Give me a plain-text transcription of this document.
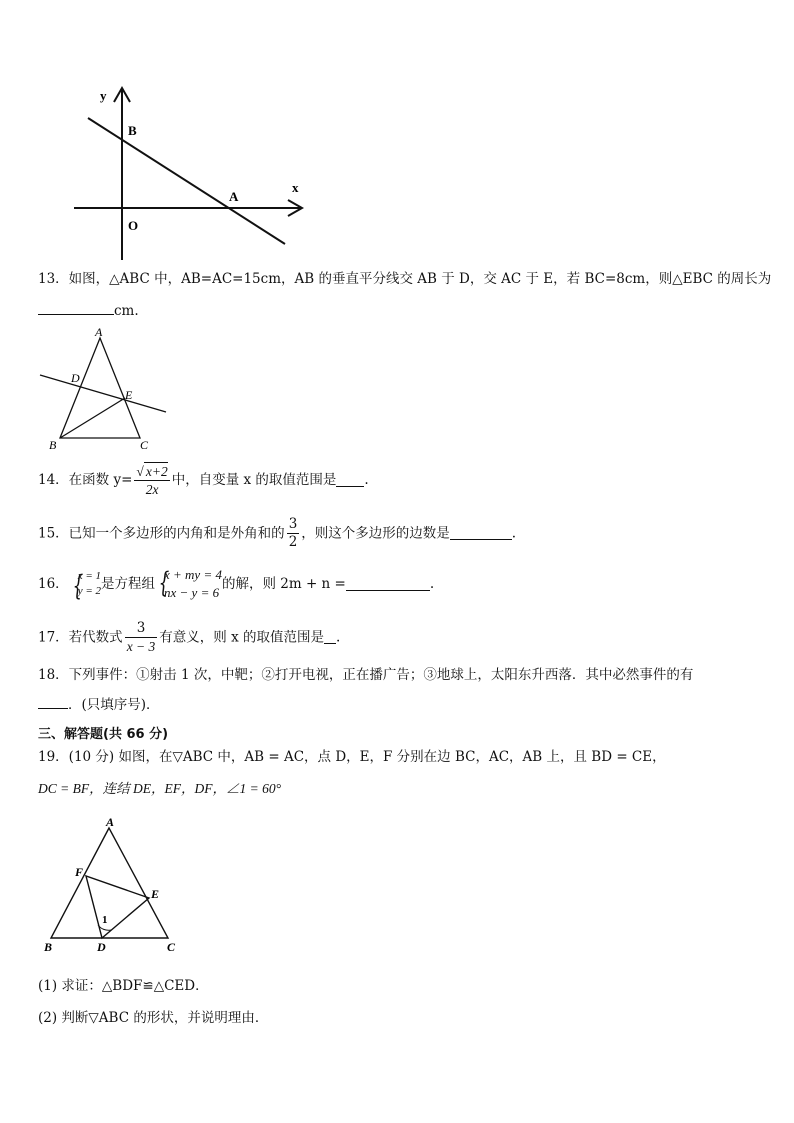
y
x
B
A
O
13．如图，△ABC 中，AB=AC=15cm，AB 的垂直平分线交 AB 于 D，交 AC 于 E，若 BC=8cm，则△EBC 的周长为
cm.
A
D
E
B	C
14．在函数 $y= \frac{√ x+2}{2x}$ 中，自变量 x 的取值范围是 .
15．已知一个多边形的内角和是外角和的 $\frac{3}{2}$ ，则这个多边形的边数是	.
16． {
x = 1
y = 2 是方程组 {
x + my = 4
nx − y = 6
的解，则 2m + n =	.
17．若代数式 $\frac{3}{x - 3}$ 有意义，则 x 的取值范围是 .
18．下列事件：①射击 1 次，中靶；②打开电视，正在播广告；③地球上，太阳东升西落．其中必然事件的有
．(只填序号)．
三、解答题(共 66 分)
19．(10 分) 如图，在▽ABC 中，AB = AC，点 D，E，F 分别在边 BC，AC，AB 上，且 BD = CE，
DC = BF，连结 DE，EF，DF，∠1 = 60°
A
F
E
1
B	D	C
(1) 求证：△BDF≌△CED．
(2) 判断▽ABC 的形状，并说明理由．
